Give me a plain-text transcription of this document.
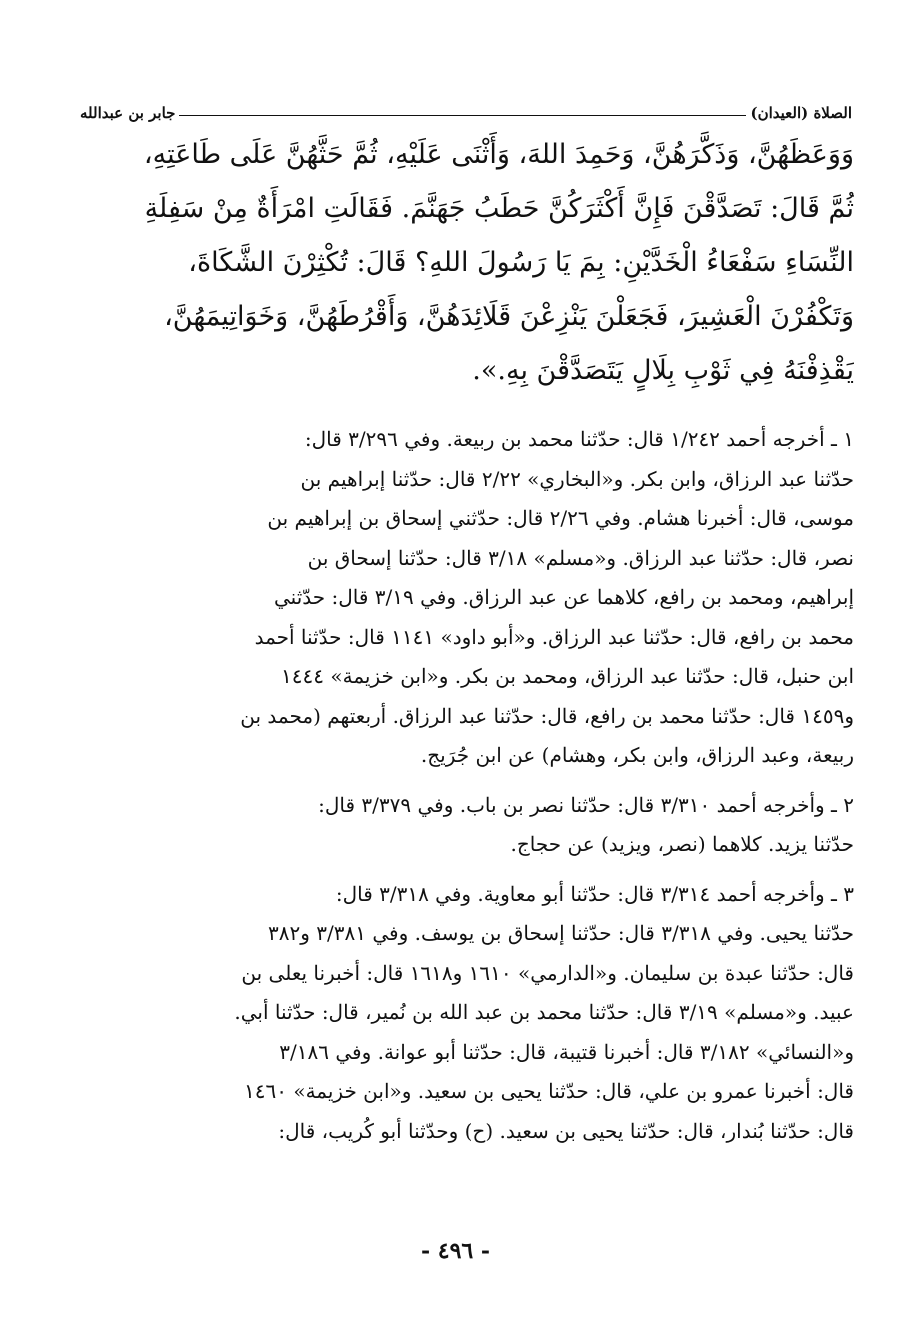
الصلاة (العيدان)
جابر بن عبدالله
وَوَعَظَهُنَّ، وَذَكَّرَهُنَّ، وَحَمِدَ اللهَ، وَأَثْنَى عَلَيْهِ، ثُمَّ حَثَّهُنَّ عَلَى طَاعَتِهِ،
ثُمَّ قَالَ: تَصَدَّقْنَ فَإِنَّ أَكْثَرَكُنَّ حَطَبُ جَهَنَّمَ. فَقَالَتِ امْرَأَةٌ مِنْ سَفِلَةِ
النِّسَاءِ سَفْعَاءُ الْخَدَّيْنِ: بِمَ يَا رَسُولَ اللهِ؟ قَالَ: تُكْثِرْنَ الشَّكَاةَ،
وَتَكْفُرْنَ الْعَشِيرَ، فَجَعَلْنَ يَنْزِعْنَ قَلَائِدَهُنَّ، وَأَقْرُطَهُنَّ، وَخَوَاتِيمَهُنَّ،
يَقْذِفْنَهُ فِي ثَوْبِ بِلَالٍ يَتَصَدَّقْنَ بِهِ.».
١ ـ أخرجه أحمد ١/٢٤٢ قال: حدّثنا محمد بن ربيعة. وفي ٣/٢٩٦ قال:
حدّثنا عبد الرزاق، وابن بكر. و«البخاري» ٢/٢٢ قال: حدّثنا إبراهيم بن
موسى، قال: أخبرنا هشام. وفي ٢/٢٦ قال: حدّثني إسحاق بن إبراهيم بن
نصر، قال: حدّثنا عبد الرزاق. و«مسلم» ٣/١٨ قال: حدّثنا إسحاق بن
إبراهيم، ومحمد بن رافع، كلاهما عن عبد الرزاق. وفي ٣/١٩ قال: حدّثني
محمد بن رافع، قال: حدّثنا عبد الرزاق. و«أبو داود» ١١٤١ قال: حدّثنا أحمد
ابن حنبل، قال: حدّثنا عبد الرزاق، ومحمد بن بكر. و«ابن خزيمة» ١٤٤٤
و١٤٥٩ قال: حدّثنا محمد بن رافع، قال: حدّثنا عبد الرزاق. أربعتهم (محمد بن
ربيعة، وعبد الرزاق، وابن بكر، وهشام) عن ابن جُرَيج.
٢ ـ وأخرجه أحمد ٣/٣١٠ قال: حدّثنا نصر بن باب. وفي ٣/٣٧٩ قال:
حدّثنا يزيد. كلاهما (نصر، ويزيد) عن حجاج.
٣ ـ وأخرجه أحمد ٣/٣١٤ قال: حدّثنا أبو معاوية. وفي ٣/٣١٨ قال:
حدّثنا يحيى. وفي ٣/٣١٨ قال: حدّثنا إسحاق بن يوسف. وفي ٣/٣٨١ و٣٨٢
قال: حدّثنا عبدة بن سليمان. و«الدارمي» ١٦١٠ و١٦١٨ قال: أخبرنا يعلى بن
عبيد. و«مسلم» ٣/١٩ قال: حدّثنا محمد بن عبد الله بن نُمير، قال: حدّثنا أبي.
و«النسائي» ٣/١٨٢ قال: أخبرنا قتيبة، قال: حدّثنا أبو عوانة. وفي ٣/١٨٦
قال: أخبرنا عمرو بن علي، قال: حدّثنا يحيى بن سعيد. و«ابن خزيمة» ١٤٦٠
قال: حدّثنا بُندار، قال: حدّثنا يحيى بن سعيد. (ح) وحدّثنا أبو كُريب، قال:
- ٤٩٦ -
